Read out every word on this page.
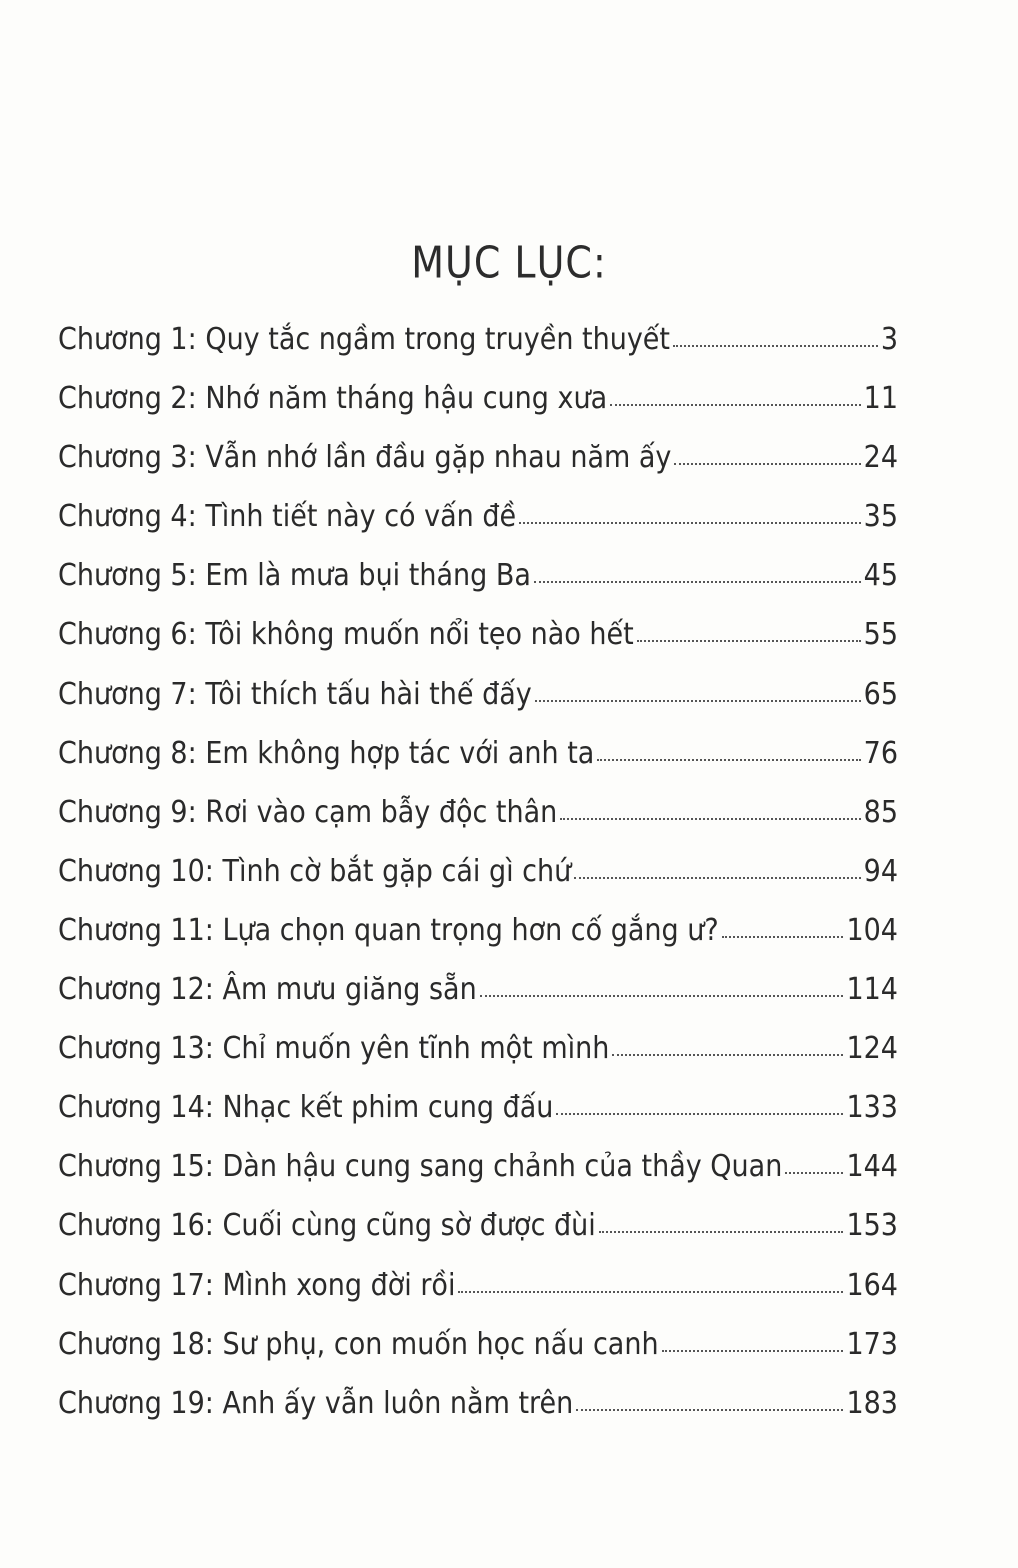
MỤC LỤC:
Chương 1: Quy tắc ngầm trong truyền thuyết	3
Chương 2: Nhớ năm tháng hậu cung xưa	11
Chương 3: Vẫn nhớ lần đầu gặp nhau năm ấy	24
Chương 4: Tình tiết này có vấn đề	35
Chương 5: Em là mưa bụi tháng Ba	45
Chương 6: Tôi không muốn nổi tẹo nào hết	55
Chương 7: Tôi thích tấu hài thế đấy	65
Chương 8: Em không hợp tác với anh ta	76
Chương 9: Rơi vào cạm bẫy độc thân	85
Chương 10: Tình cờ bắt gặp cái gì chứ	94
Chương 11: Lựa chọn quan trọng hơn cố gắng ư?	104
Chương 12: Âm mưu giăng sẵn	114
Chương 13: Chỉ muốn yên tĩnh một mình	124
Chương 14: Nhạc kết phim cung đấu	133
Chương 15: Dàn hậu cung sang chảnh của thầy Quan 144
Chương 16: Cuối cùng cũng sờ được đùi	153
Chương 17: Mình xong đời rồi	164
Chương 18: Sư phụ, con muốn học nấu canh	173
Chương 19: Anh ấy vẫn luôn nằm trên	183
